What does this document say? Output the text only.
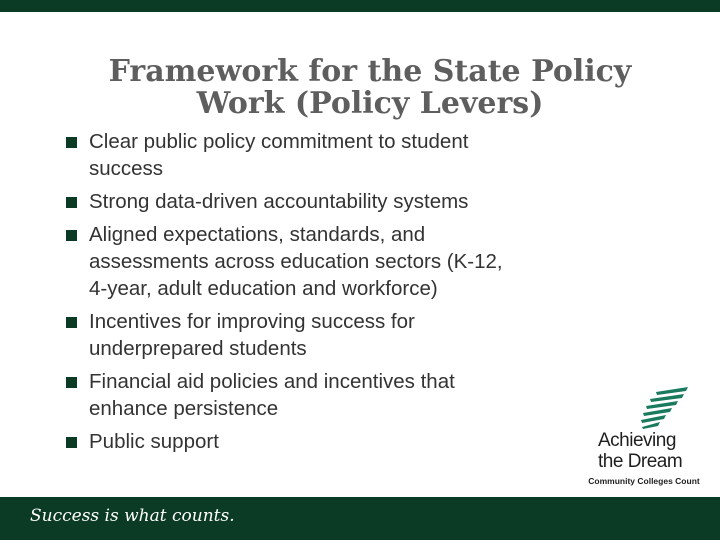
Framework for the State Policy
Work (Policy Levers)
Clear public policy commitment to student
success
Strong data-driven accountability systems
Aligned expectations, standards, and
assessments across education sectors (K-12,
4-year, adult education and workforce)
Incentives for improving success for
underprepared students
Financial aid policies and incentives that
enhance persistence
Public support	Achieving
the Dream
Community Colleges Count
Success is what counts.
